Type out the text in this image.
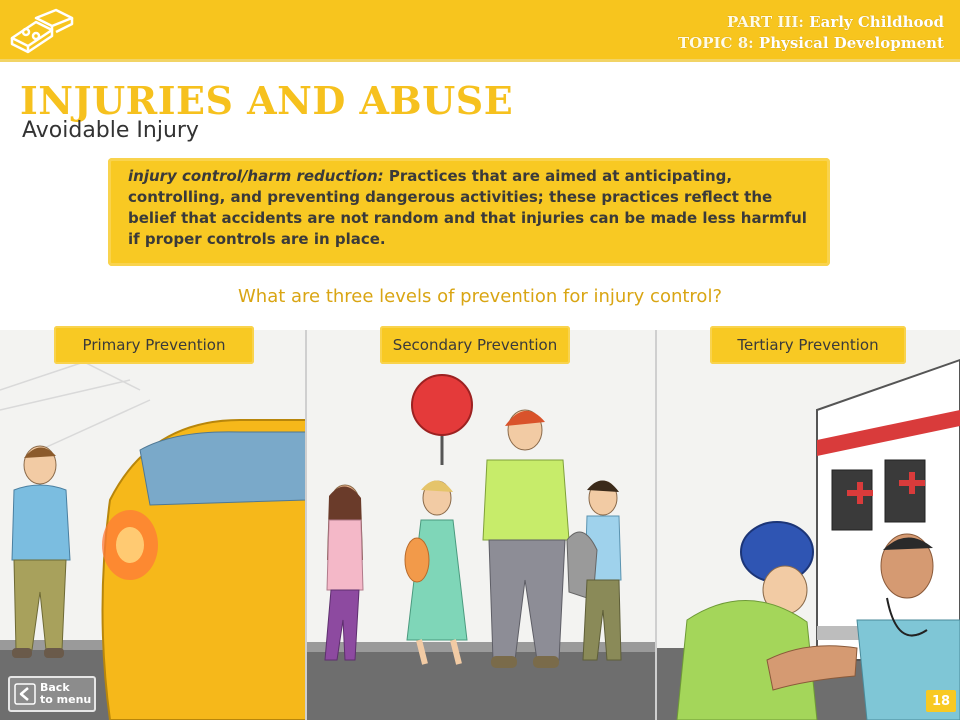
PART III: Early Childhood
TOPIC 8: Physical Development
INJURIES AND ABUSE
Avoidable Injury
injury control/harm reduction: Practices that are aimed at anticipating, controlling, and preventing dangerous activities; these practices reflect the belief that accidents are not random and that injuries can be made less harmful if proper controls are in place.
What are three levels of prevention for injury control?
Primary Prevention	Secondary Prevention	Tertiary Prevention
Back
to menu	18
